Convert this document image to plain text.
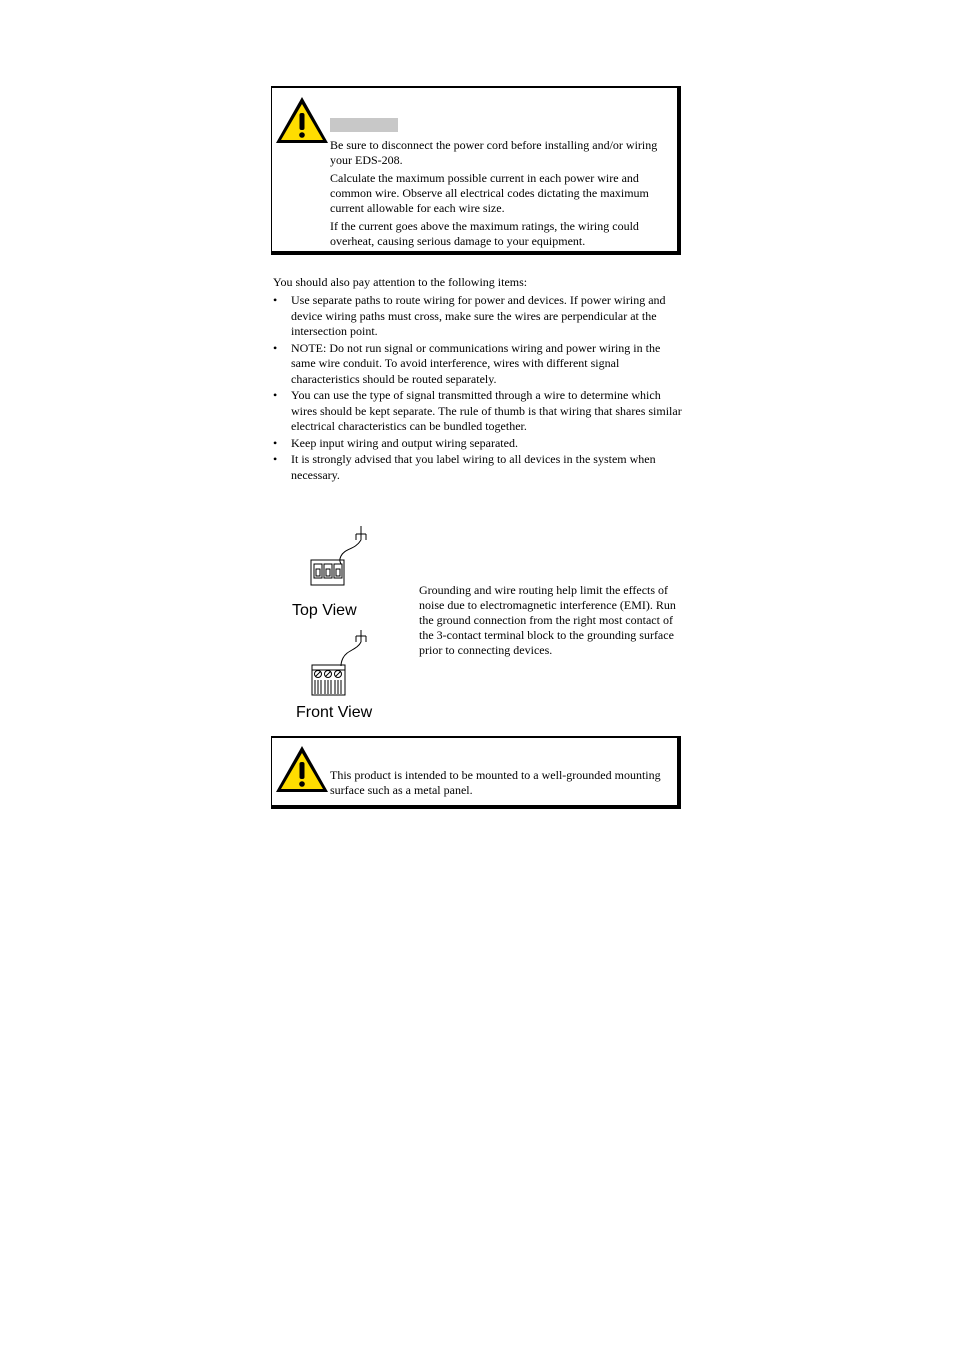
Be sure to disconnect the power cord before installing and/or wiring your EDS-208.

Calculate the maximum possible current in each power wire and common wire. Observe all electrical codes dictating the maximum current allowable for each wire size.

If the current goes above the maximum ratings, the wiring could overheat, causing serious damage to your equipment.

You should also pay attention to the following items:
• Use separate paths to route wiring for power and devices. If power wiring and device wiring paths must cross, make sure the wires are perpendicular at the intersection point.
• NOTE: Do not run signal or communications wiring and power wiring in the same wire conduit. To avoid interference, wires with different signal characteristics should be routed separately.
• You can use the type of signal transmitted through a wire to determine which wires should be kept separate. The rule of thumb is that wiring that shares similar electrical characteristics can be bundled together.
• Keep input wiring and output wiring separated.
• It is strongly advised that you label wiring to all devices in the system when necessary.
Top View
Front View
Grounding and wire routing help limit the effects of noise due to electromagnetic interference (EMI). Run the ground connection from the right most contact of the 3-contact terminal block to the grounding surface prior to connecting devices.
This product is intended to be mounted to a well-grounded mounting surface such as a metal panel.
